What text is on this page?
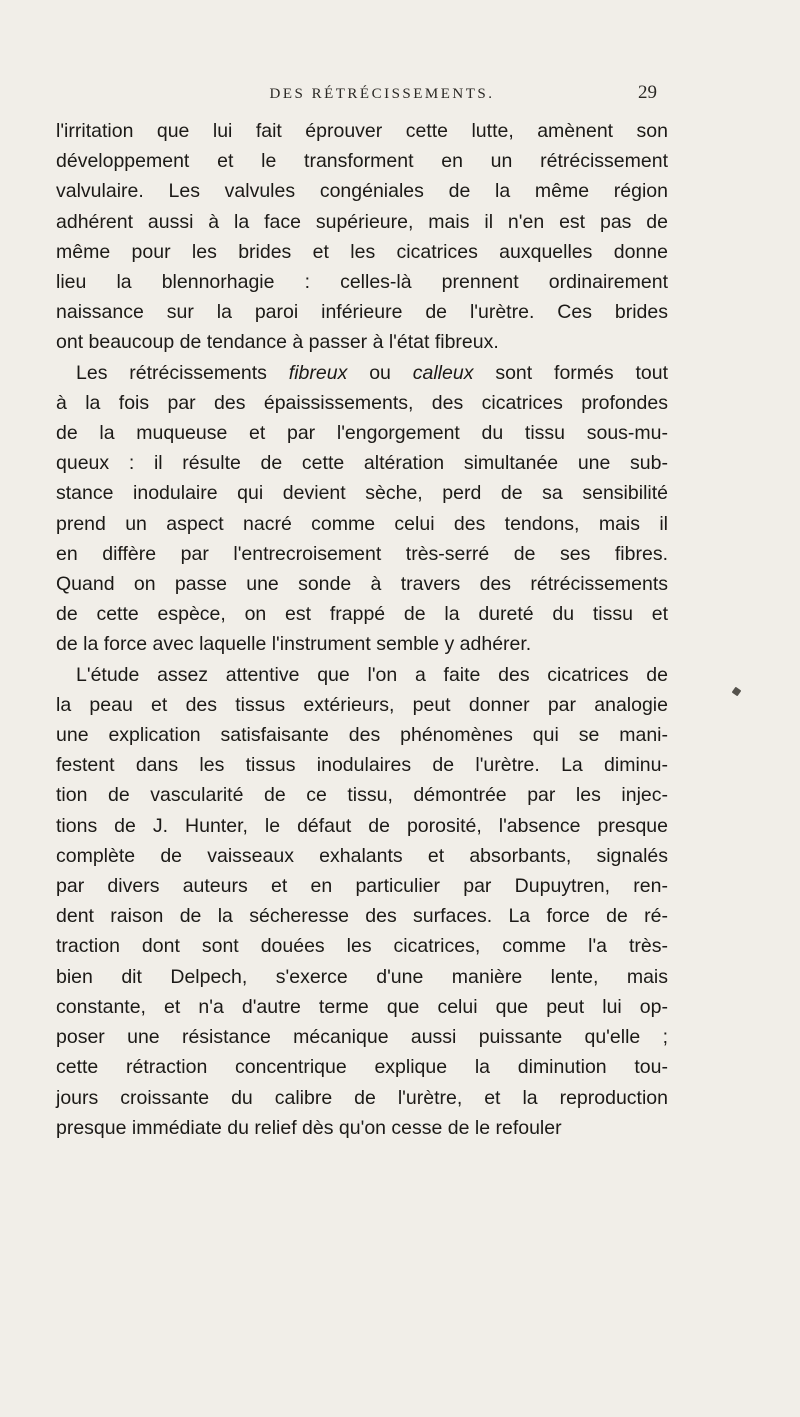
DES RÉTRÉCISSEMENTS.	29
l'irritation que lui fait éprouver cette lutte, amènent son
développement et le transforment en un rétrécissement
valvulaire. Les valvules congéniales de la même région
adhérent aussi à la face supérieure, mais il n'en est pas de
même pour les brides et les cicatrices auxquelles donne
lieu la blennorhagie : celles-là prennent ordinairement
naissance sur la paroi inférieure de l'urètre. Ces brides
ont beaucoup de tendance à passer à l'état fibreux.
Les rétrécissements fibreux ou calleux sont formés tout
à la fois par des épaississements, des cicatrices profondes
de la muqueuse et par l'engorgement du tissu sous-mu-
queux : il résulte de cette altération simultanée une sub-
stance inodulaire qui devient sèche, perd de sa sensibilité
prend un aspect nacré comme celui des tendons, mais il
en diffère par l'entrecroisement très-serré de ses fibres.
Quand on passe une sonde à travers des rétrécissements
de cette espèce, on est frappé de la dureté du tissu et
de la force avec laquelle l'instrument semble y adhérer.
L'étude assez attentive que l'on a faite des cicatrices de
la peau et des tissus extérieurs, peut donner par analogie
une explication satisfaisante des phénomènes qui se mani-
festent dans les tissus inodulaires de l'urètre. La diminu-
tion de vascularité de ce tissu, démontrée par les injec-
tions de J. Hunter, le défaut de porosité, l'absence presque
complète de vaisseaux exhalants et absorbants, signalés
par divers auteurs et en particulier par Dupuytren, ren-
dent raison de la sécheresse des surfaces. La force de ré-
traction dont sont douées les cicatrices, comme l'a très-
bien dit Delpech, s'exerce d'une manière lente, mais
constante, et n'a d'autre terme que celui que peut lui op-
poser une résistance mécanique aussi puissante qu'elle ;
cette rétraction concentrique explique la diminution tou-
jours croissante du calibre de l'urètre, et la reproduction
presque immédiate du relief dès qu'on cesse de le refouler
